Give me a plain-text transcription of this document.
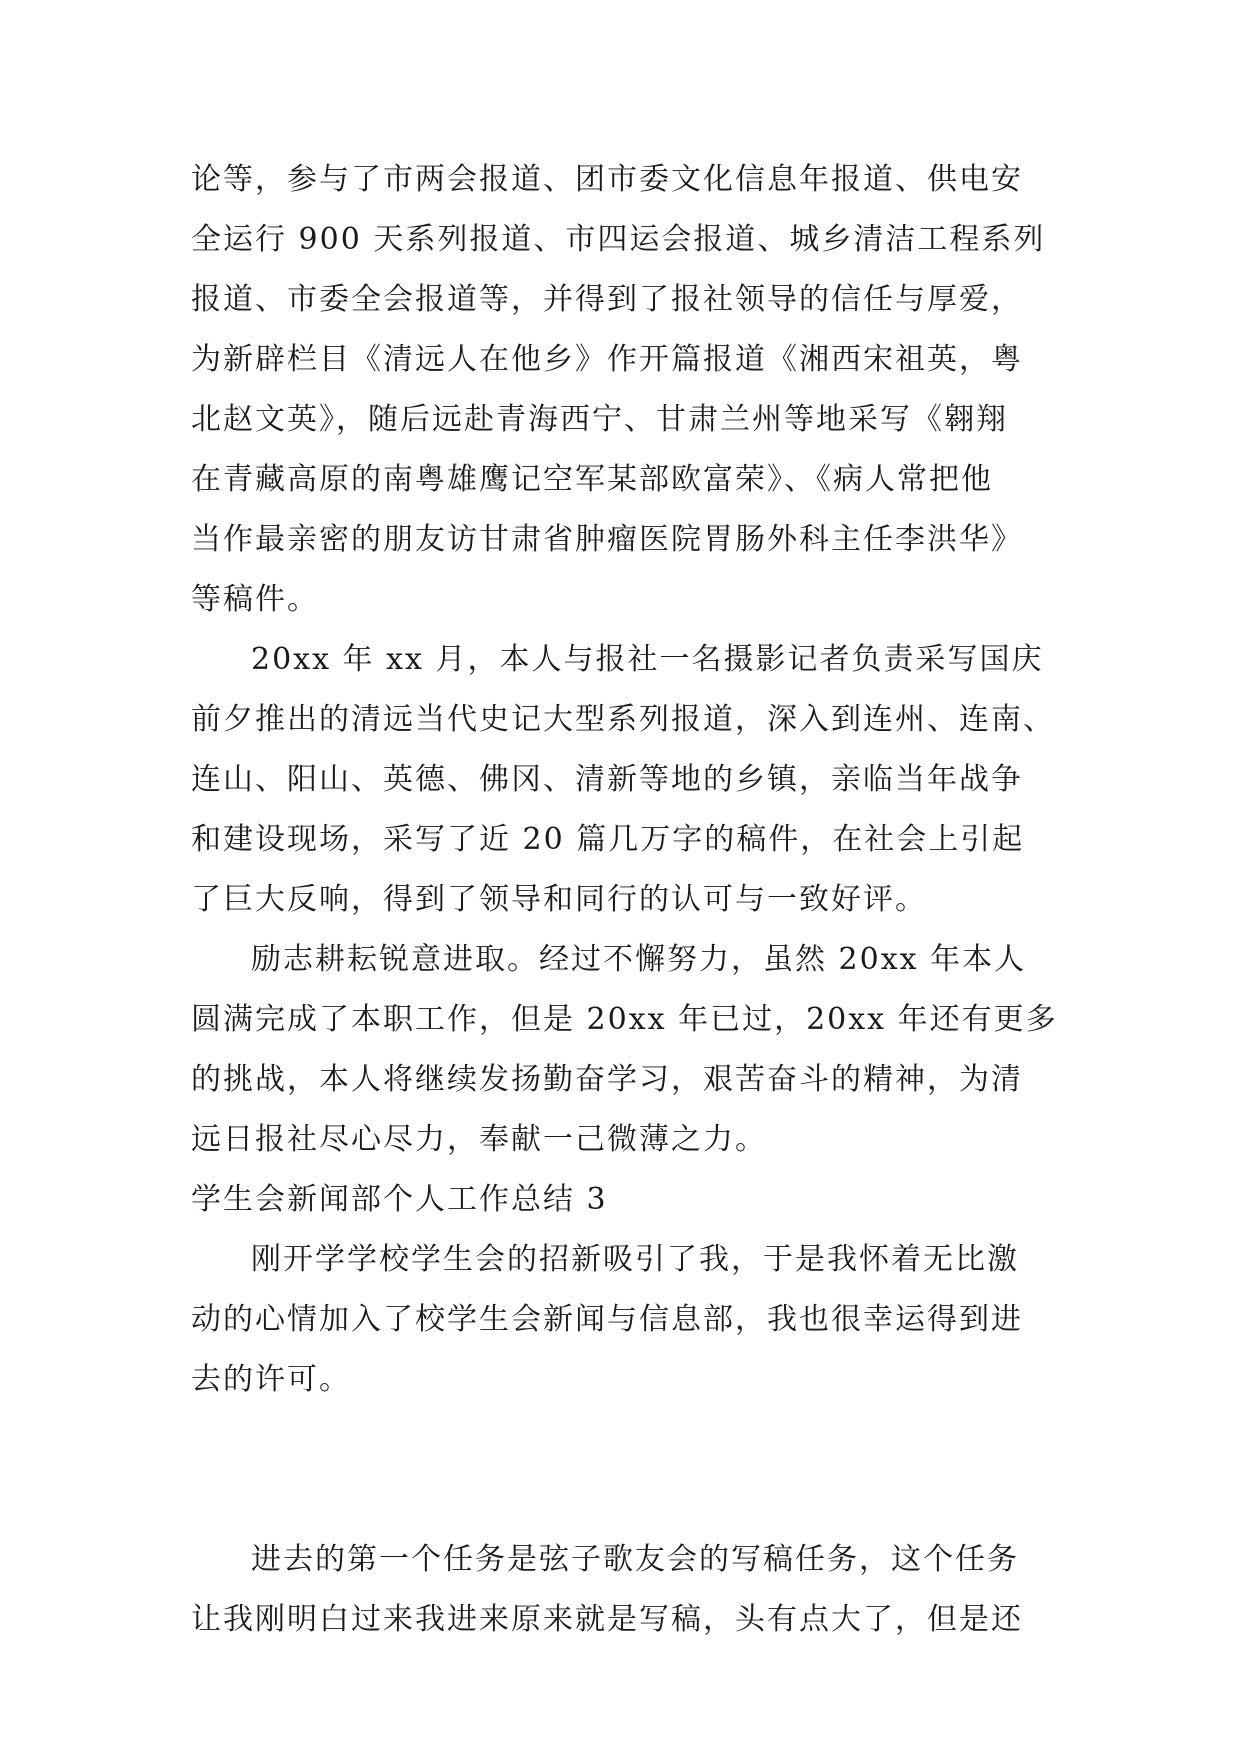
论等，参与了市两会报道、团市委文化信息年报道、供电安
全运行 900 天系列报道、市四运会报道、城乡清洁工程系列
报道、市委全会报道等，并得到了报社领导的信任与厚爱，
为新辟栏目《清远人在他乡》作开篇报道《湘西宋祖英，粤
北赵文英》，随后远赴青海西宁、甘肃兰州等地采写《翱翔
在青藏高原的南粤雄鹰记空军某部欧富荣》、《病人常把他
当作最亲密的朋友访甘肃省肿瘤医院胃肠外科主任李洪华》
等稿件。
20xx 年 xx 月，本人与报社一名摄影记者负责采写国庆
前夕推出的清远当代史记大型系列报道，深入到连州、连南、
连山、阳山、英德、佛冈、清新等地的乡镇，亲临当年战争
和建设现场，采写了近 20 篇几万字的稿件，在社会上引起
了巨大反响，得到了领导和同行的认可与一致好评。
励志耕耘锐意进取。经过不懈努力，虽然 20xx 年本人
圆满完成了本职工作，但是 20xx 年已过，20xx 年还有更多
的挑战，本人将继续发扬勤奋学习，艰苦奋斗的精神，为清
远日报社尽心尽力，奉献一己微薄之力。
学生会新闻部个人工作总结 3
刚开学学校学生会的招新吸引了我，于是我怀着无比激
动的心情加入了校学生会新闻与信息部，我也很幸运得到进
去的许可。
进去的第一个任务是弦子歌友会的写稿任务，这个任务
让我刚明白过来我进来原来就是写稿，头有点大了，但是还
